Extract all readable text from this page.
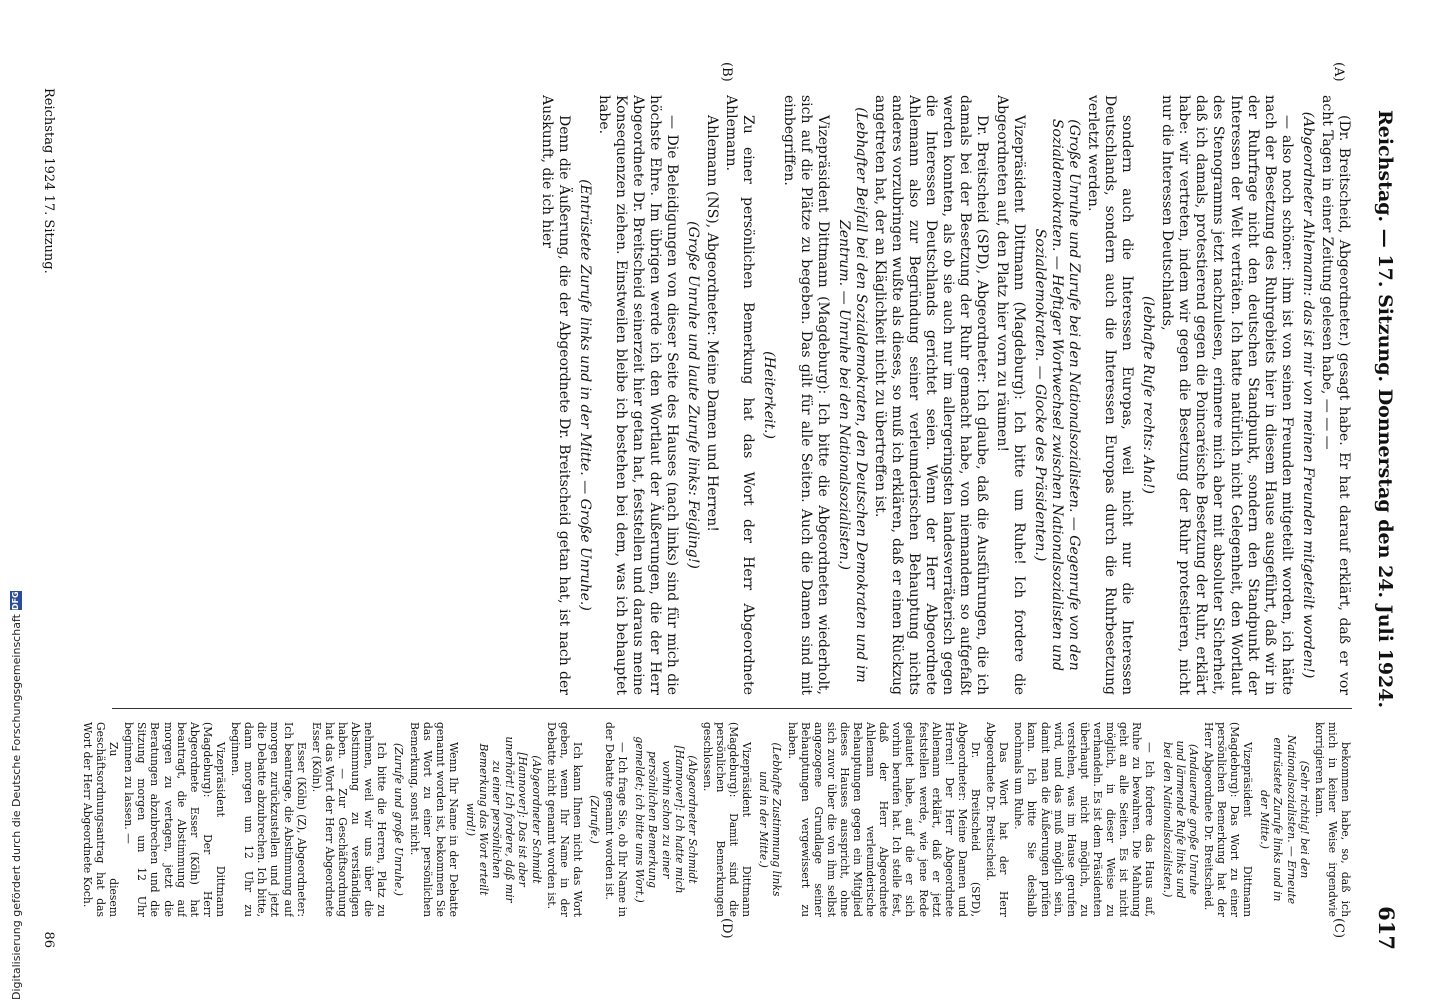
Reichstag. — 17. Sitzung. Donnerstag den 24. Juli 1924.
617
(A)
(B)
(C)
(D)
Reichstag 1924 17. Sitzung.
86

(Dr. Breitscheid, Abgeordneter.) gesagt habe. Er hat darauf erklärt, daß er vor acht Tagen in einer Zeitung gelesen habe, — — —

(Abgeordneter Ahlemann: das ist mir von meinen Freunden mitgeteilt worden!)

— also noch schöner: ihm ist von seinen Freunden mitgeteilt worden, ich hätte nach der Besetzung des Ruhrgebiets hier in diesem Hause ausgeführt, daß wir in der Ruhrfrage nicht den deutschen Standpunkt, sondern den Standpunkt der Interessen der Welt verträten. Ich hatte natürlich nicht Gelegenheit, den Wortlaut des Stenogramms jetzt nachzulesen, erinnere mich aber mit absoluter Sicherheit, daß ich damals, protestierend gegen die Poincaréische Besetzung der Ruhr, erklärt habe: wir vertreten, indem wir gegen die Besetzung der Ruhr protestieren, nicht nur die Interessen Deutschlands,

(lebhafte Rufe rechts: Aha!)

sondern auch die Interessen Europas, weil nicht nur die Interessen Deutschlands, sondern auch die Interessen Europas durch die Ruhrbesetzung verletzt werden.

(Große Unruhe und Zurufe bei den Nationalsozialisten. — Gegenrufe von den Sozialdemokraten. — Heftiger Wortwechsel zwischen Nationalsozialisten und Sozialdemokraten. — Glocke des Präsidenten.)

Vizepräsident Dittmann (Magdeburg): Ich bitte um Ruhe! Ich fordere die Abgeordneten auf, den Platz hier vorn zu räumen!

Dr. Breitscheid (SPD), Abgeordneter: Ich glaube, daß die Ausführungen, die ich damals bei der Besetzung der Ruhr gemacht habe, von niemandem so aufgefaßt werden konnten, als ob sie auch nur im allergeringsten landesverräterisch gegen die Interessen Deutschlands gerichtet seien. Wenn der Herr Abgeordnete Ahlemann also zur Begründung seiner verleumderischen Behauptung nichts anderes vorzubringen wußte als dieses, so muß ich erklären, daß er einen Rückzug angetreten hat, der an Kläglichkeit nicht zu übertreffen ist.

(Lebhafter Beifall bei den Sozialdemokraten, den Deutschen Demokraten und im Zentrum. — Unruhe bei den Nationalsozialisten.)

Vizepräsident Dittmann (Magdeburg): Ich bitte die Abgeordneten wiederholt, sich auf die Plätze zu begeben. Das gilt für alle Seiten. Auch die Damen sind mit einbegriffen.

(Heiterkeit.)

Zu einer persönlichen Bemerkung hat das Wort der Herr Abgeordnete Ahlemann.

Ahlemann (NS), Abgeordneter: Meine Damen und Herren!

(Große Unruhe und laute Zurufe links: Feigling!)

— Die Beleidigungen von dieser Seite des Hauses (nach links) sind für mich die höchste Ehre. Im übrigen werde ich den Wortlaut der Äußerungen, die der Herr Abgeordnete Dr. Breitscheid seinerzeit hier getan hat, feststellen und daraus meine Konsequenzen ziehen. Einstweilen bleibe ich bestehen bei dem, was ich behauptet habe.

(Entrüstete Zurufe links und in der Mitte. — Große Unruhe.)

Denn die Äußerung, die der Abgeordnete Dr. Breitscheid getan hat, ist nach der Auskunft, die ich hier

bekommen habe, so, daß ich mich in keiner Weise irgendwie korrigieren kann.

(Sehr richtig! bei den Nationalsozialisten. — Erneute entrüstete Zurufe links und in der Mitte.)

Vizepräsident Dittmann (Magdeburg): Das Wort zu einer persönlichen Bemerkung hat der Herr Abgeordnete Dr. Breitscheid.

(Andauernde große Unruhe und lärmende Rufe links und bei den Nationalsozialisten.)

— Ich fordere das Haus auf, Ruhe zu bewahren. Die Mahnung geht an alle Seiten. Es ist nicht möglich, in dieser Weise zu verhandeln. Es ist dem Präsidenten überhaupt nicht möglich, zu verstehen, was im Hause gerufen wird, und das muß möglich sein, damit man die Äußerungen prüfen kann. Ich bitte Sie deshalb nochmals um Ruhe.

Das Wort hat der Herr Abgeordnete Dr. Breitscheid.

Dr. Breitscheid (SPD), Abgeordneter: Meine Damen und Herren! Der Herr Abgeordnete Ahlemann erklärt, daß er jetzt feststellen werde, wie jene Rede gelautet habe, auf die er sich vorhin berufen hat. Ich stelle fest, daß der Herr Abgeordnete Ahlemann verleumderische Behauptungen gegen ein Mitglied dieses Hauses ausspricht, ohne sich zuvor über die von ihm selbst angezogene Grundlage seiner Behauptungen vergewissert zu haben.

(Lebhafte Zustimmung links und in der Mitte.)

Vizepräsident Dittmann (Magdeburg): Damit sind die persönlichen Bemerkungen geschlossen.

(Abgeordneter Schmidt [Hannover]: Ich hatte mich vorhin schon zu einer persönlichen Bemerkung gemeldet; ich bitte ums Wort.)

— Ich frage Sie, ob Ihr Name in der Debatte genannt worden ist.

(Zurufe.)

Ich kann Ihnen nicht das Wort geben, wenn Ihr Name in der Debatte nicht genannt worden ist.

(Abgeordneter Schmidt [Hannover]: Das ist aber unerhört! Ich fordere, daß mir zu einer persönlichen Bemerkung das Wort erteilt wird!)

Wenn Ihr Name in der Debatte genannt worden ist, bekommen Sie das Wort zu einer persönlichen Bemerkung, sonst nicht.

(Zurufe und große Unruhe.)

Ich bitte die Herren, Platz zu nehmen, weil wir uns über die Abstimmung zu verständigen haben. — Zur Geschäftsordnung hat das Wort der Herr Abgeordnete Esser (Köln).

Esser (Köln) (Z), Abgeordneter: Ich beantrage, die Abstimmung auf morgen zurückzustellen und jetzt die Debatte abzubrechen. Ich bitte, dann morgen um 12 Uhr zu beginnen.

Vizepräsident Dittmann (Magdeburg): Der Herr Abgeordnete Esser (Köln) hat beantragt, die Abstimmung auf morgen zu vertagen, jetzt die Beratungen abzubrechen und die Sitzung morgen um 12 Uhr beginnen zu lassen. —

Zu diesem Geschäftsordnungsantrag hat das Wort der Herr Abgeordnete Koch.

Digitalisierung gefördert durch die Deutsche Forschungsgemeinschaft
DFG
